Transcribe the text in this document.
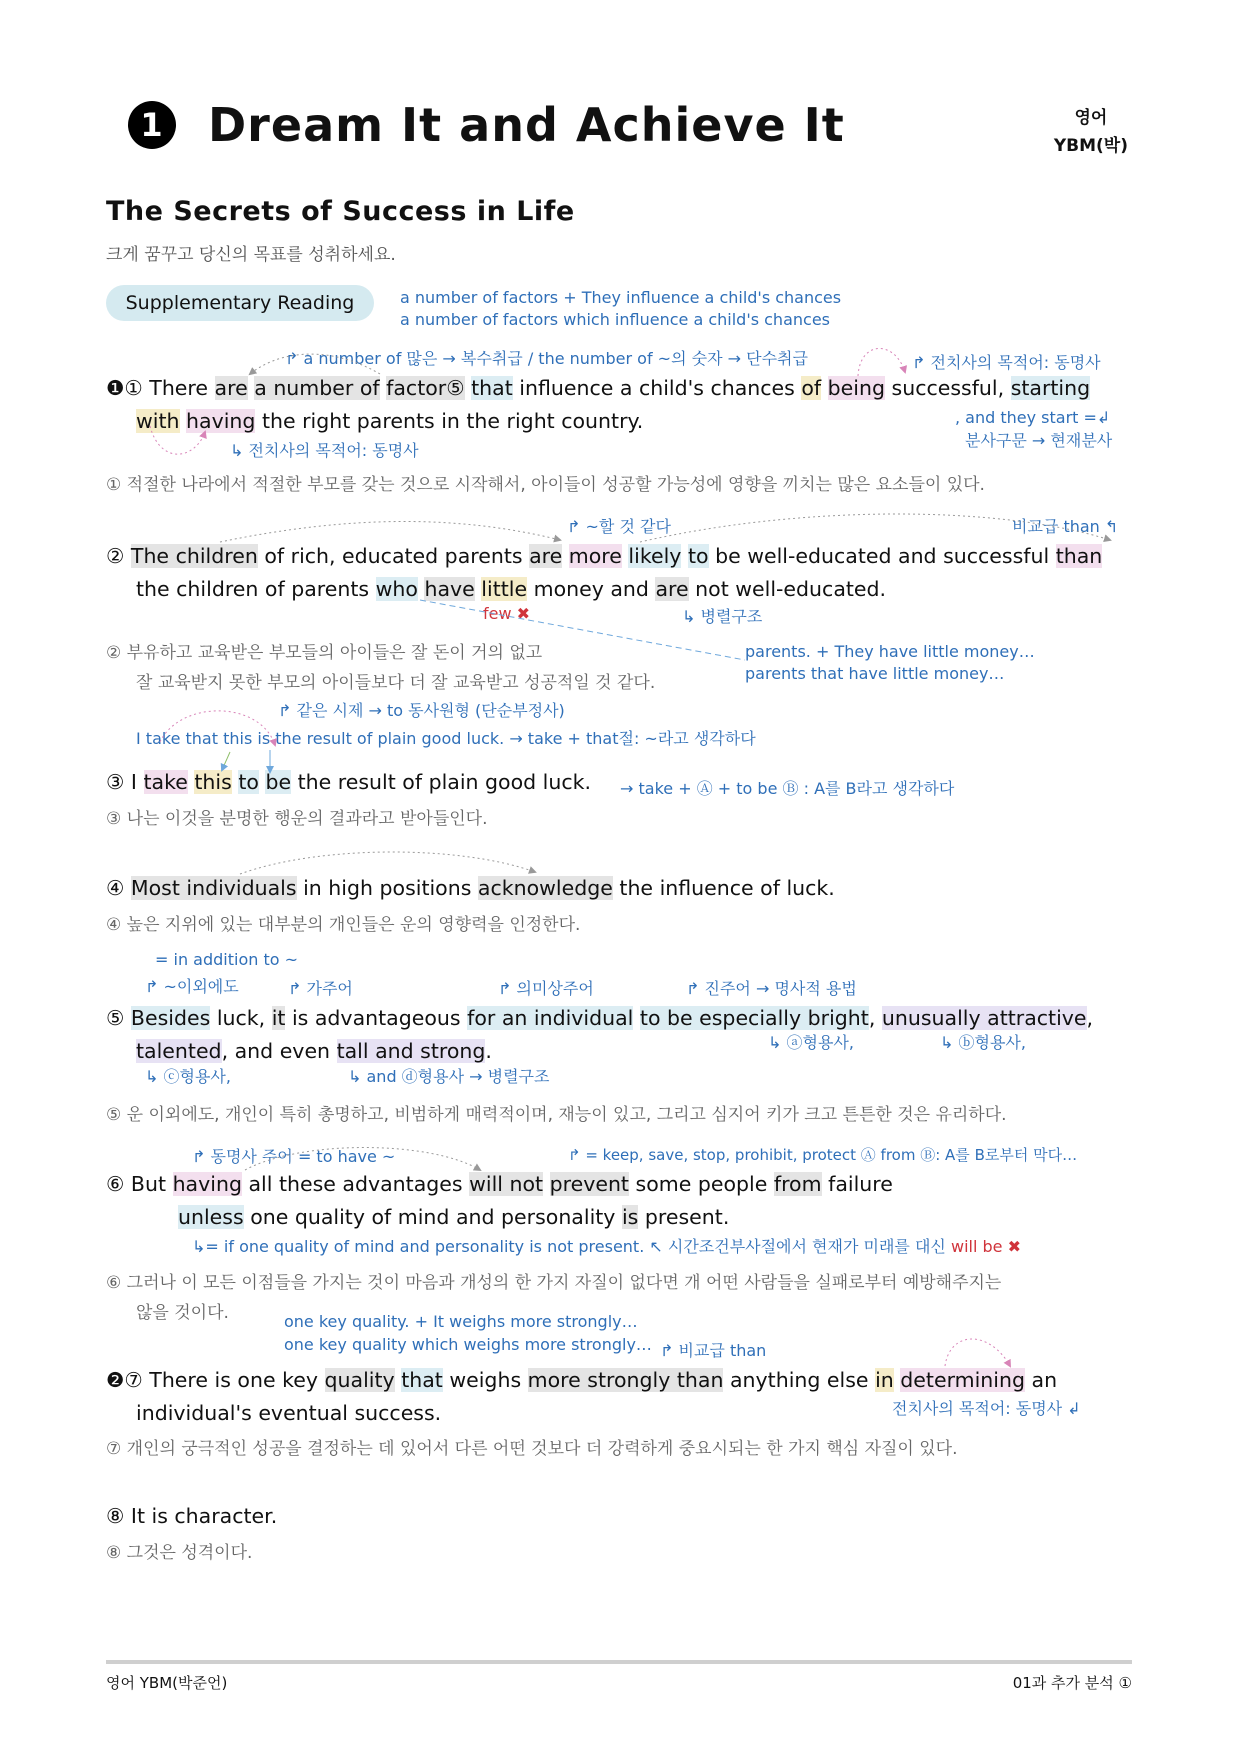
1 Dream It and Achieve It	영어
YBM(박)
The Secrets of Success in Life
크게 꿈꾸고 당신의 목표를 성취하세요.
Supplementary Reading	a number of factors + They influence a child's chances
a number of factors which influence a child's chances
↱ a number of 많은 → 복수취급 / the number of ~의 숫자 → 단수취급	↱ 전치사의 목적어: 동명사
❶① There are a number of factor⑤ that influence a child's chances of being successful, starting
with having the right parents in the right country.	, and they start =↲
분사구문 → 현재분사
↳ 전치사의 목적어: 동명사
① 적절한 나라에서 적절한 부모를 갖는 것으로 시작해서, 아이들이 성공할 가능성에 영향을 끼치는 많은 요소들이 있다.
↱ ~할 것 같다	비교급 than ↰
② The children of rich, educated parents are more likely to be well-educated and successful than
the children of parents who have little money and are not well-educated.
few ✖	↳ 병렬구조
② 부유하고 교육받은 부모들의 아이들은 잘 돈이 거의 없고
잘 교육받지 못한 부모의 아이들보다 더 잘 교육받고 성공적일 것 같다.
parents. + They have little money…
parents that have little money…
↱ 같은 시제 → to 동사원형 (단순부정사)
I take that this is the result of plain good luck. → take + that절: ~라고 생각하다
③ I take this to be the result of plain good luck. → take + Ⓐ + to be Ⓑ : A를 B라고 생각하다
③ 나는 이것을 분명한 행운의 결과라고 받아들인다.
④ Most individuals in high positions acknowledge the influence of luck.
④ 높은 지위에 있는 대부분의 개인들은 운의 영향력을 인정한다.
= in addition to ~
↱ ~이외에도	↱ 가주어	↱ 의미상주어	↱ 진주어 → 명사적 용법
⑤ Besides luck, it is advantageous for an individual to be especially bright, unusually attractive,
talented, and even tall and strong.	↳ ⓐ형용사,	↳ ⓑ형용사,
↳ ⓒ형용사,	↳ and ⓓ형용사 → 병렬구조
⑤ 운 이외에도, 개인이 특히 총명하고, 비범하게 매력적이며, 재능이 있고, 그리고 심지어 키가 크고 튼튼한 것은 유리하다.
↱ 동명사 주어 = to have ~	↱ = keep, save, stop, prohibit, protect Ⓐ from Ⓑ: A를 B로부터 막다…
⑥ But having all these advantages will not prevent some people from failure
unless one quality of mind and personality is present.
↳= if one quality of mind and personality is not present. ↖ 시간조건부사절에서 현재가 미래를 대신 will be ✖
⑥ 그러나 이 모든 이점들을 가지는 것이 마음과 개성의 한 가지 자질이 없다면 개 어떤 사람들을 실패로부터 예방해주지는
않을 것이다.	one key quality. + It weighs more strongly…
one key quality which weighs more strongly… ↱ 비교급 than
❷⑦ There is one key quality that weighs more strongly than anything else in determining an
individual's eventual success.	전치사의 목적어: 동명사 ↲
⑦ 개인의 궁극적인 성공을 결정하는 데 있어서 다른 어떤 것보다 더 강력하게 중요시되는 한 가지 핵심 자질이 있다.
⑧ It is character.
⑧ 그것은 성격이다.
영어 YBM(박준언)	01과 추가 분석 ①
